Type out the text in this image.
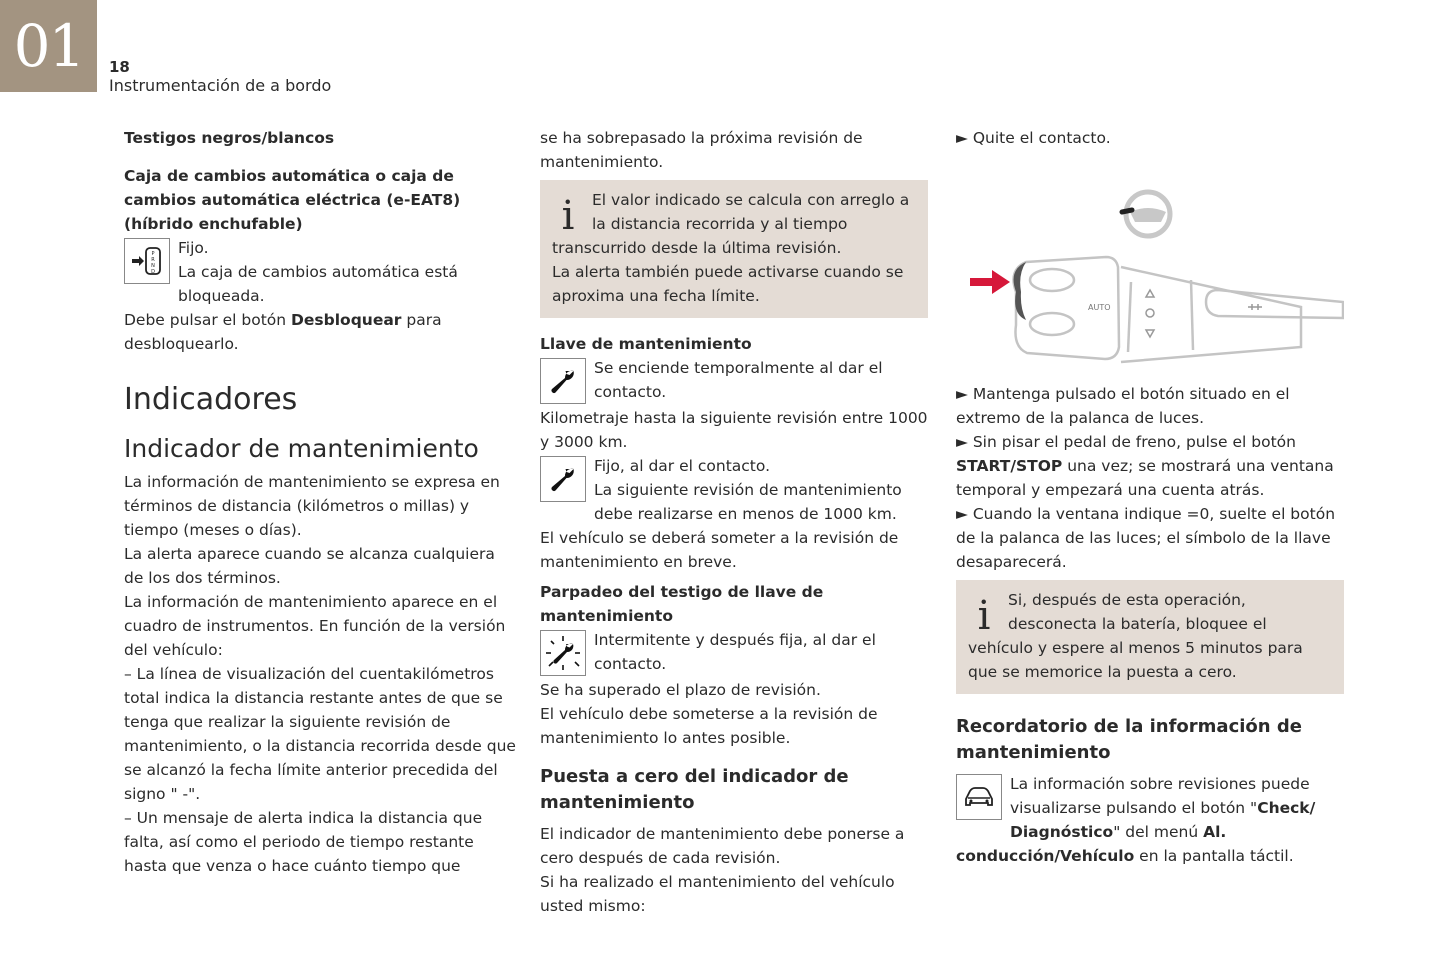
01	18
Instrumentación de a bordo

Testigos negros/blancos

Caja de cambios automática o caja de cambios automática eléctrica (e-EAT8) (híbrido enchufable)

P
R
N
D

Fijo.

La caja de cambios automática está bloqueada.

Debe pulsar el botón Desbloquear para desbloquearlo.

Indicadores

Indicador de mantenimiento

La información de mantenimiento se expresa en términos de distancia (kilómetros o millas) y tiempo (meses o días).

La alerta aparece cuando se alcanza cualquiera de los dos términos.

La información de mantenimiento aparece en el cuadro de instrumentos. En función de la versión del vehículo:

– La línea de visualización del cuentakilómetros total indica la distancia restante antes de que se tenga que realizar la siguiente revisión de mantenimiento, o la distancia recorrida desde que se alcanzó la fecha límite anterior precedida del signo " -".

– Un mensaje de alerta indica la distancia que falta, así como el periodo de tiempo restante hasta que venza o hace cuánto tiempo que

se ha sobrepasado la próxima revisión de mantenimiento.

i	El valor indicado se calcula con arreglo a la distancia recorrida y al tiempo transcurrido desde la última revisión.

La alerta también puede activarse cuando se aproxima una fecha límite.

Llave de mantenimiento

Se enciende temporalmente al dar el contacto.

Kilometraje hasta la siguiente revisión entre 1000 y 3000 km.

Fijo, al dar el contacto.

La siguiente revisión de mantenimiento debe realizarse en menos de 1000 km.

El vehículo se deberá someter a la revisión de mantenimiento en breve.

Parpadeo del testigo de llave de mantenimiento

Intermitente y después fija, al dar el contacto.

Se ha superado el plazo de revisión.

El vehículo debe someterse a la revisión de mantenimiento lo antes posible.

Puesta a cero del indicador de mantenimiento

El indicador de mantenimiento debe ponerse a cero después de cada revisión.

Si ha realizado el mantenimiento del vehículo usted mismo:

► Quite el contacto.

AUTO

► Mantenga pulsado el botón situado en el extremo de la palanca de luces.

► Sin pisar el pedal de freno, pulse el botón START/STOP una vez; se mostrará una ventana temporal y empezará una cuenta atrás.

► Cuando la ventana indique =0, suelte el botón de la palanca de las luces; el símbolo de la llave desaparecerá.

i	Si, después de esta operación, desconecta la batería, bloquee el vehículo y espere al menos 5 minutos para que se memorice la puesta a cero.

Recordatorio de la información de mantenimiento

La información sobre revisiones puede visualizarse pulsando el botón "Check/ Diagnóstico" del menú Al. conducción/Vehículo en la pantalla táctil.
